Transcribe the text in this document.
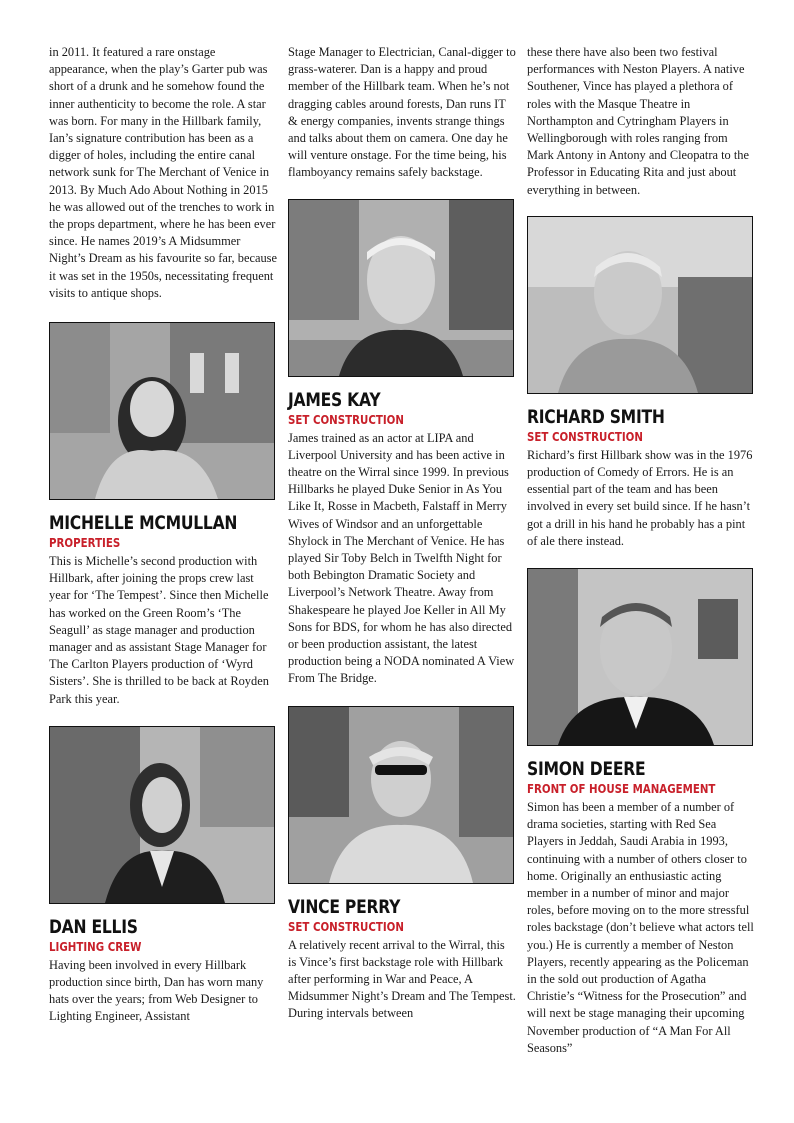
in 2011. It featured a rare onstage appearance, when the play’s Garter pub was short of a drunk and he somehow found the inner authenticity to become the role. A star was born. For many in the Hillbark family, Ian’s signature contribution has been as a digger of holes, including the entire canal network sunk for The Merchant of Venice in 2013. By Much Ado About Nothing in 2015 he was allowed out of the trenches to work in the props department, where he has been ever since. He names 2019’s A Midsummer Night’s Dream as his favourite so far, because it was set in the 1950s, necessitating frequent visits to antique shops.

MICHELLE MCMULLAN
PROPERTIES

This is Michelle’s second production with Hillbark, after joining the props crew last year for ‘The Tempest’. Since then Michelle has worked on the Green Room’s ‘The Seagull’ as stage manager and production manager and as assistant Stage Manager for The Carlton Players production of ‘Wyrd Sisters’. She is thrilled to be back at Royden Park this year.

DAN ELLIS
LIGHTING CREW

Having been involved in every Hillbark production since birth, Dan has worn many hats over the years; from Web Designer to Lighting Engineer, Assistant

Stage Manager to Electrician, Canal-digger to grass-waterer. Dan is a happy and proud member of the Hillbark team. When he’s not dragging cables around forests, Dan runs IT & energy companies, invents strange things and talks about them on camera. One day he will venture onstage. For the time being, his flamboyancy remains safely backstage.

JAMES KAY
SET CONSTRUCTION

James trained as an actor at LIPA and Liverpool University and has been active in theatre on the Wirral since 1999. In previous Hillbarks he played Duke Senior in As You Like It, Rosse in Macbeth, Falstaff in Merry Wives of Windsor and an unforgettable Shylock in The Merchant of Venice. He has played Sir Toby Belch in Twelfth Night for both Bebington Dramatic Society and Liverpool’s Network Theatre. Away from Shakespeare he played Joe Keller in All My Sons for BDS, for whom he has also directed or been production assistant, the latest production being a NODA nominated A View From The Bridge.

VINCE PERRY
SET CONSTRUCTION

A relatively recent arrival to the Wirral, this is Vince’s first backstage role with Hillbark after performing in War and Peace, A Midsummer Night’s Dream and The Tempest. During intervals between

these there have also been two festival performances with Neston Players. A native Southener, Vince has played a plethora of roles with the Masque Theatre in Northampton and Cytringham Players in Wellingborough with roles ranging from Mark Antony in Antony and Cleopatra to the Professor in Educating Rita and just about everything in between.

RICHARD SMITH
SET CONSTRUCTION

Richard’s first Hillbark show was in the 1976 production of Comedy of Errors. He is an essential part of the team and has been involved in every set build since. If he hasn’t got a drill in his hand he probably has a pint of ale there instead.

SIMON DEERE
FRONT OF HOUSE MANAGEMENT

Simon has been a member of a number of drama societies, starting with Red Sea Players in Jeddah, Saudi Arabia in 1993, continuing with a number of others closer to home. Originally an enthusiastic acting member in a number of minor and major roles, before moving on to the more stressful roles backstage (don’t believe what actors tell you.) He is currently a member of Neston Players, recently appearing as the Policeman in the sold out production of Agatha Christie’s “Witness for the Prosecution” and will next be stage managing their upcoming November production of “A Man For All Seasons”
